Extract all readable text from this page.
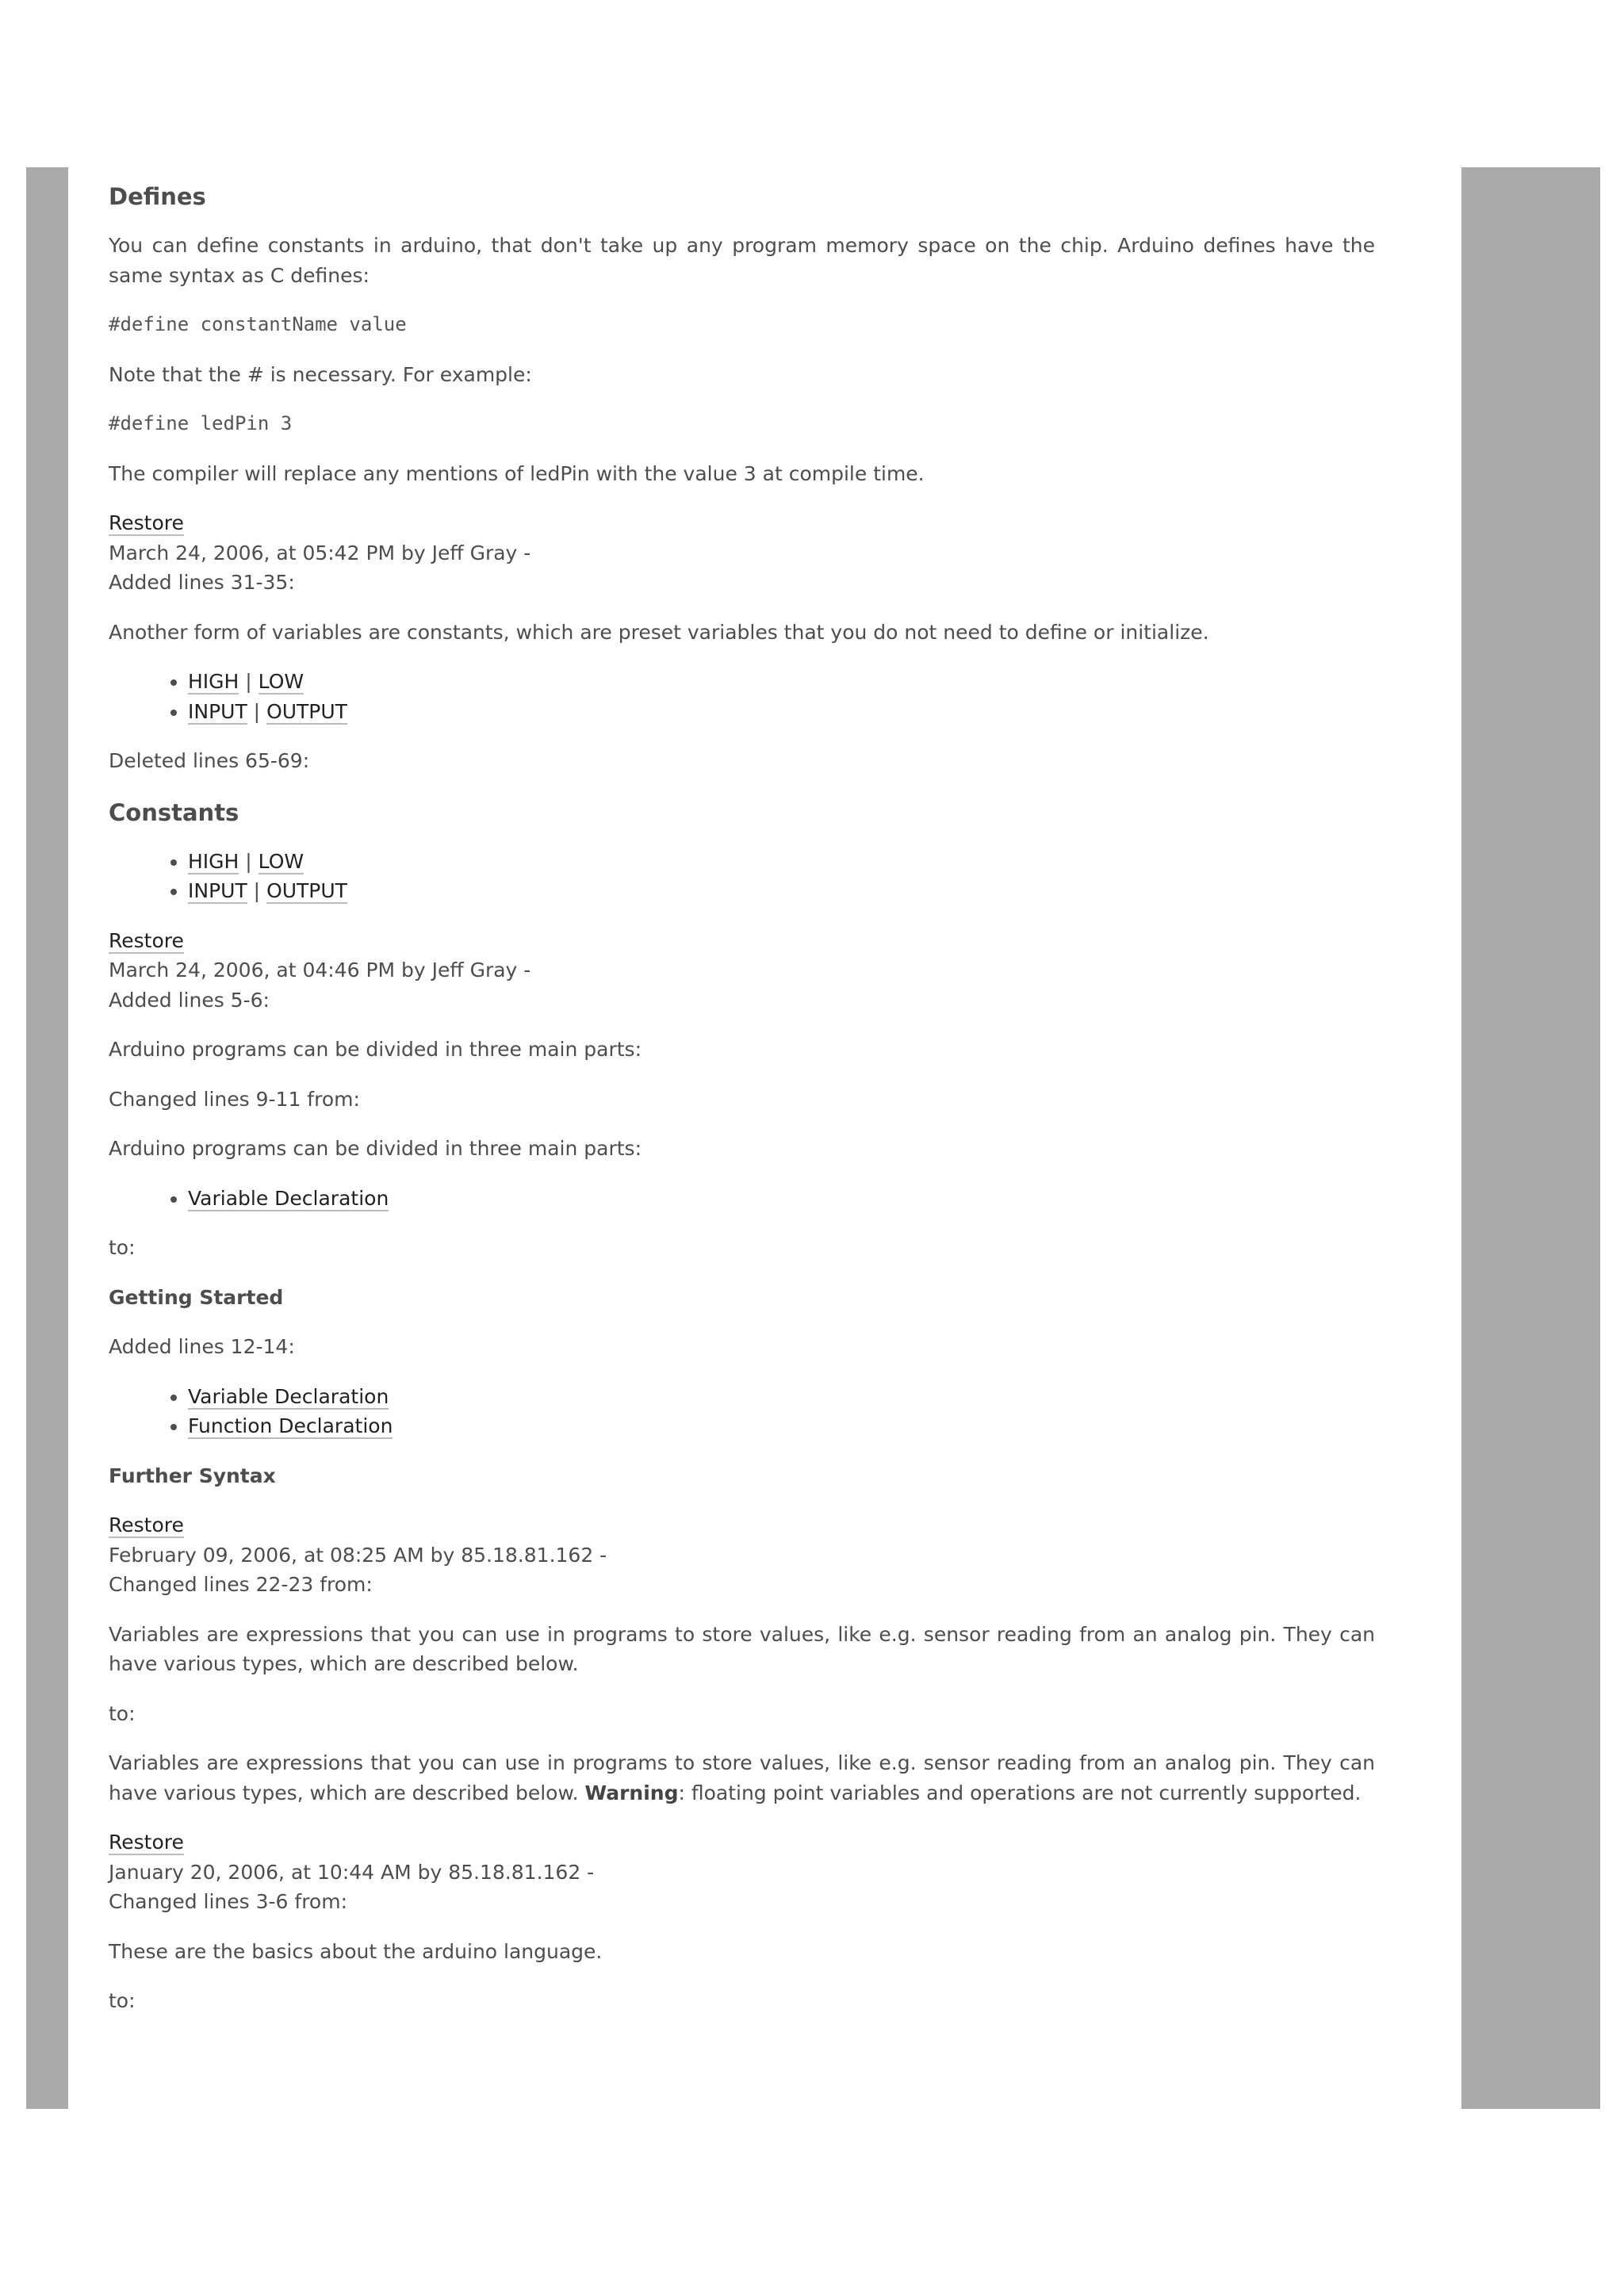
Defines

You can define constants in arduino, that don't take up any program memory space on the chip. Arduino defines have the same syntax as C defines:

#define constantName value

Note that the # is necessary. For example:

#define ledPin 3

The compiler will replace any mentions of ledPin with the value 3 at compile time.

Restore
March 24, 2006, at 05:42 PM by Jeff Gray -
Added lines 31-35:

Another form of variables are constants, which are preset variables that you do not need to define or initialize.

• HIGH | LOW
• INPUT | OUTPUT

Deleted lines 65-69:

Constants
• HIGH | LOW
• INPUT | OUTPUT
Restore
March 24, 2006, at 04:46 PM by Jeff Gray -
Added lines 5-6:

Arduino programs can be divided in three main parts:

Changed lines 9-11 from:

Arduino programs can be divided in three main parts:

• Variable Declaration

to:

Getting Started

Added lines 12-14:

• Variable Declaration
• Function Declaration
Further Syntax
Restore
February 09, 2006, at 08:25 AM by 85.18.81.162 -
Changed lines 22-23 from:

Variables are expressions that you can use in programs to store values, like e.g. sensor reading from an analog pin. They can have various types, which are described below.

to:

Variables are expressions that you can use in programs to store values, like e.g. sensor reading from an analog pin. They can have various types, which are described below. Warning: floating point variables and operations are not currently supported.

Restore
January 20, 2006, at 10:44 AM by 85.18.81.162 -
Changed lines 3-6 from:

These are the basics about the arduino language.

to:
